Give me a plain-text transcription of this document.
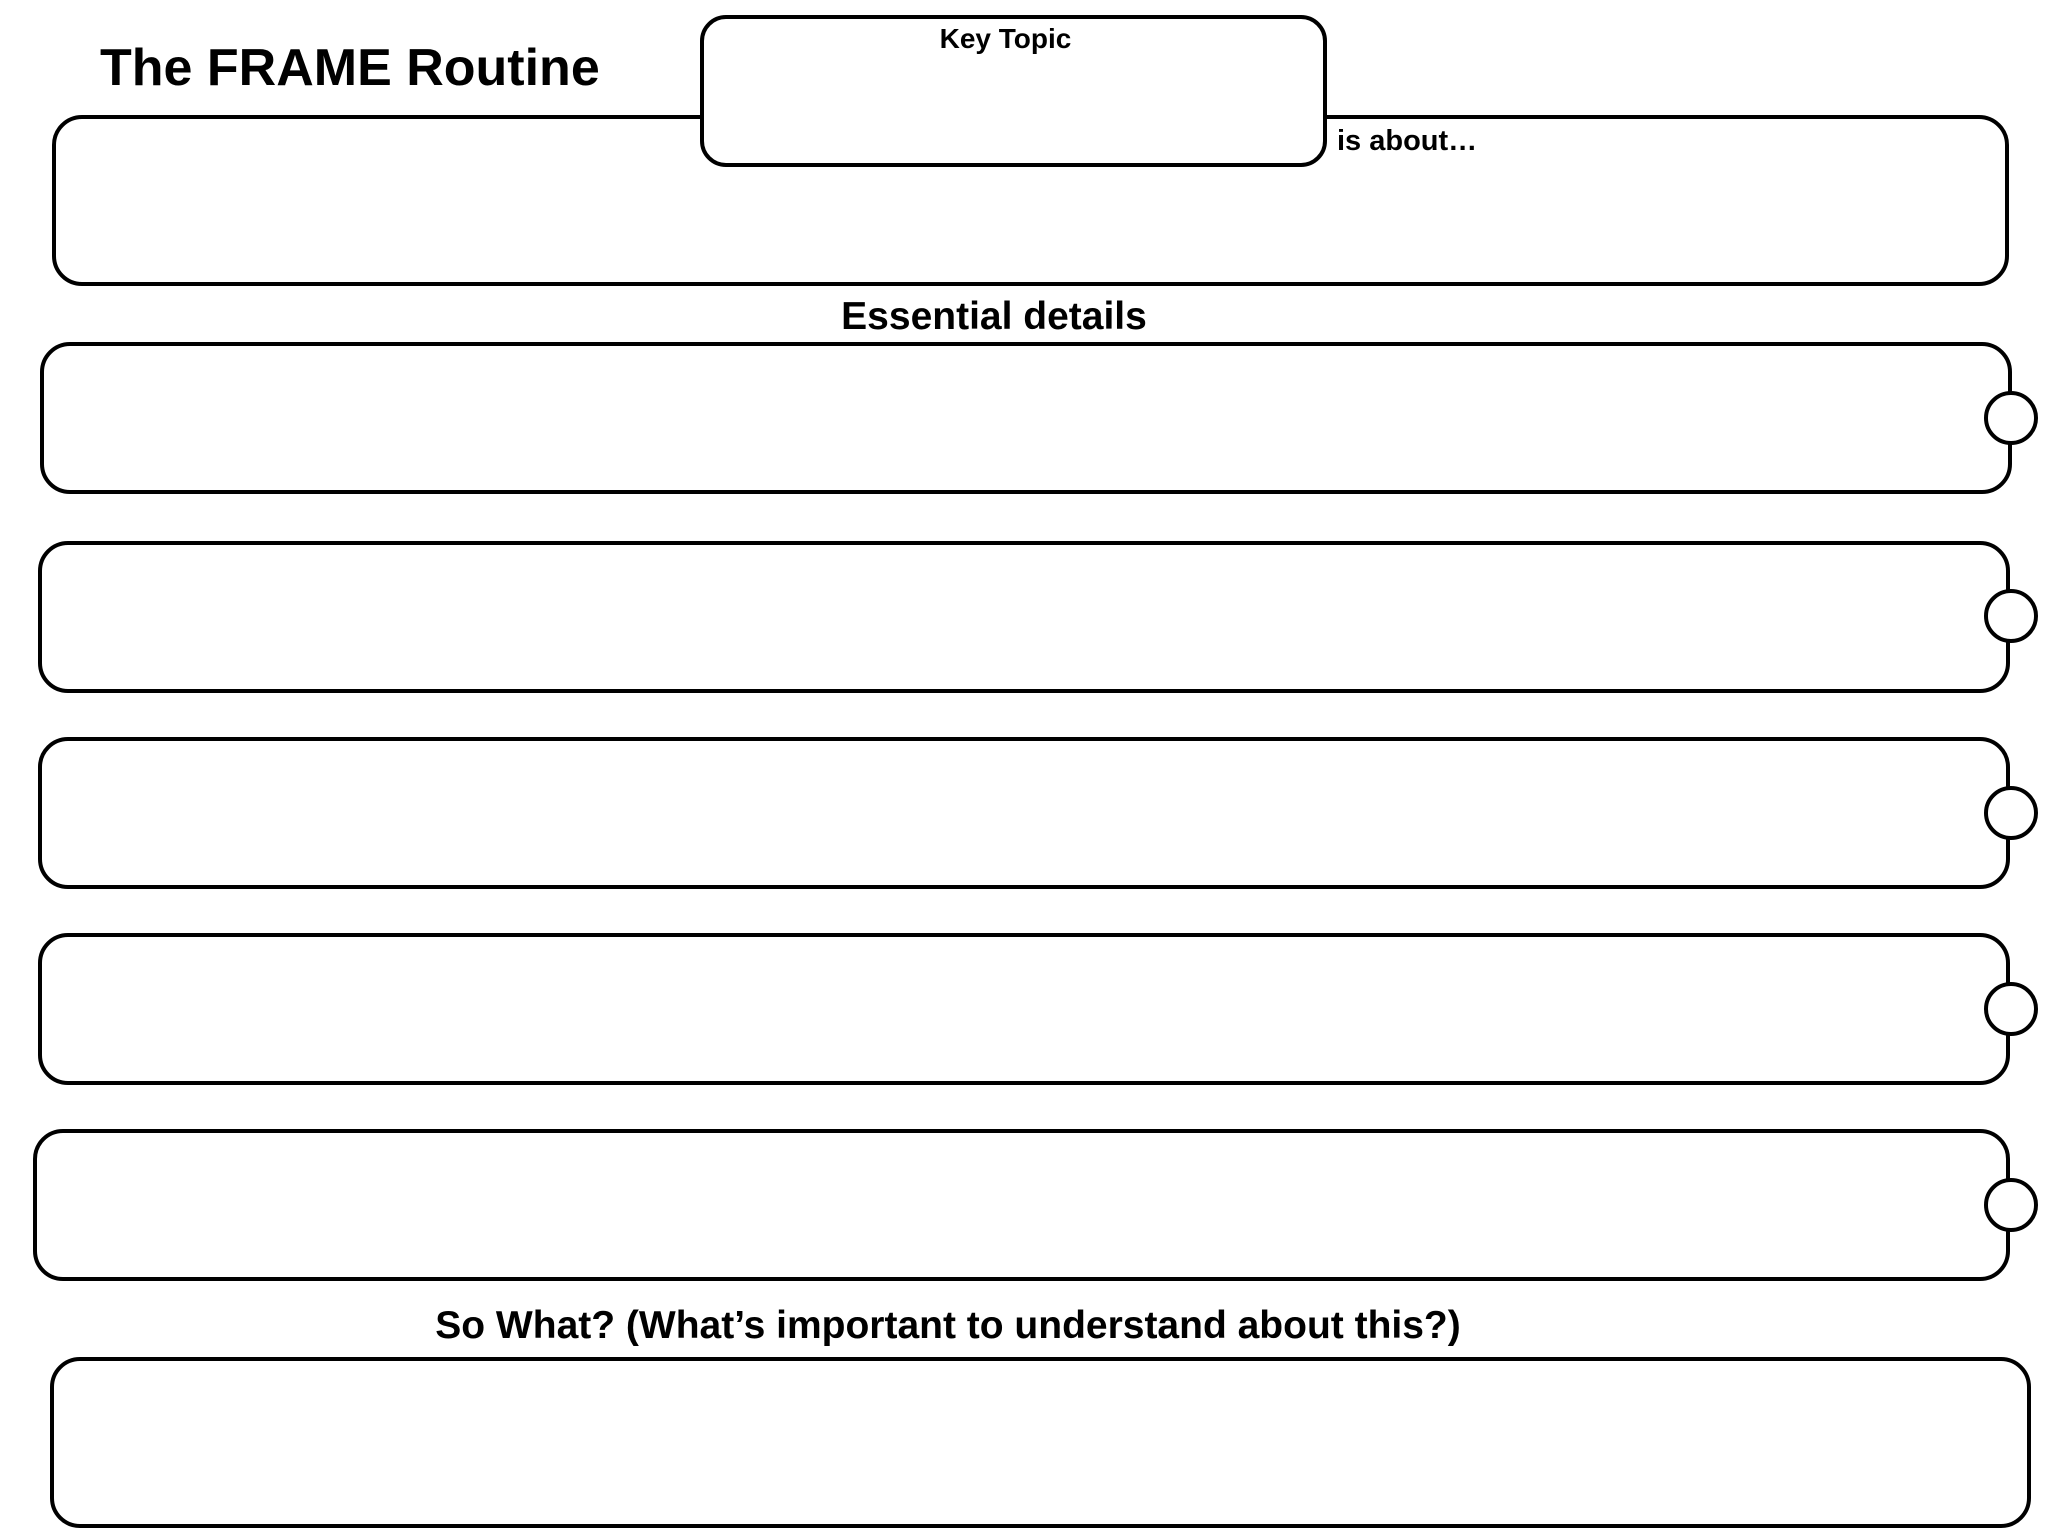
The FRAME Routine
Key Topic
is about…
Essential details
So What? (What’s important to understand about this?)
